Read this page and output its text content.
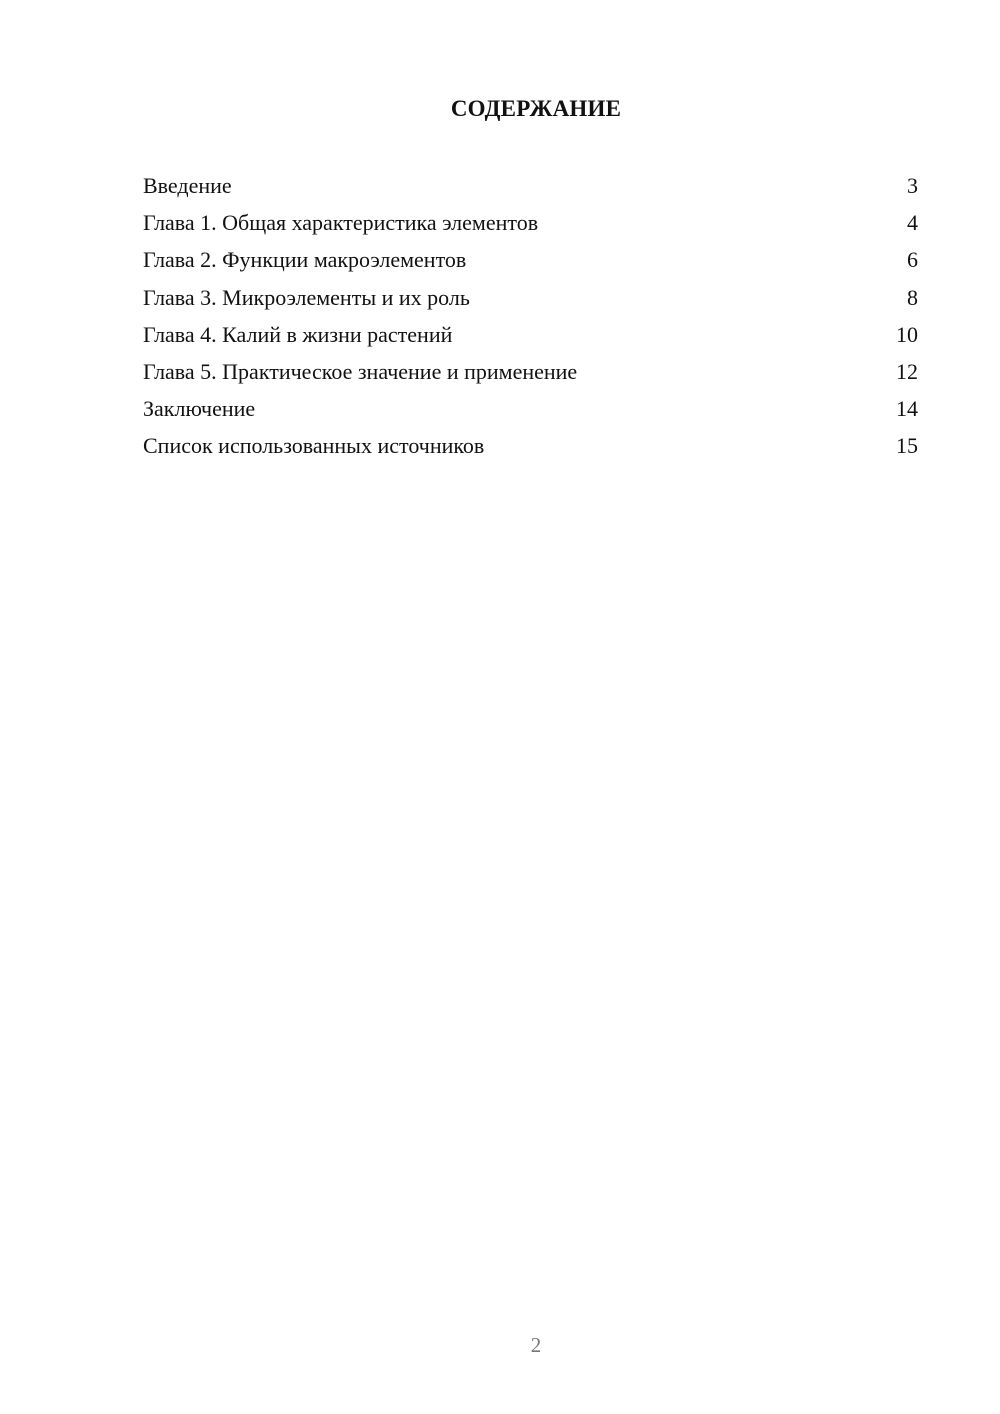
СОДЕРЖАНИЕ
Введение	3
Глава 1. Общая характеристика элементов	4
Глава 2. Функции макроэлементов	6
Глава 3. Микроэлементы и их роль	8
Глава 4. Калий в жизни растений	10
Глава 5. Практическое значение и применение	12
Заключение	14
Список использованных источников	15
2
